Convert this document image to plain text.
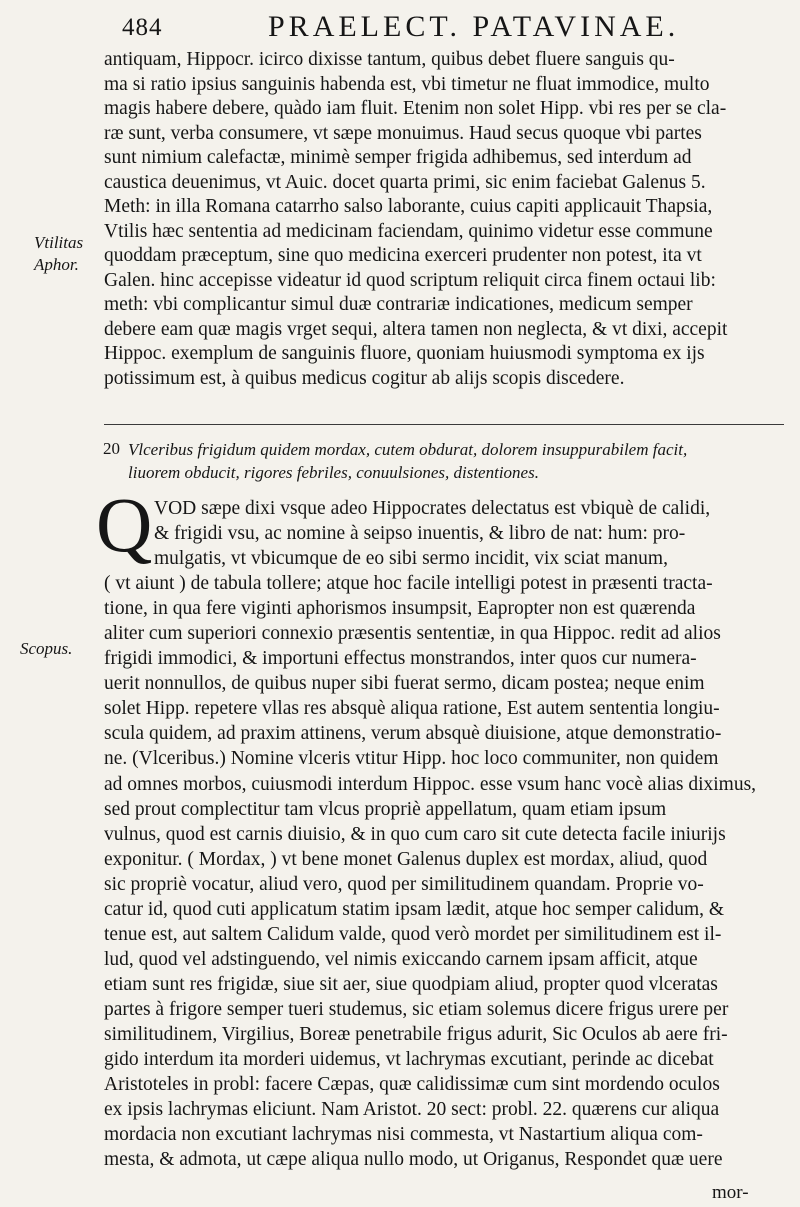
484	PRAELECT. PATAVINAE.
antiquam, Hippocr. icirco dixisse tantum, quibus debet fluere sanguis qu-
ma si ratio ipsius sanguinis habenda est, vbi timetur ne fluat immodice, multo
magis habere debere, quàdo iam fluit. Etenim non solet Hipp. vbi res per se cla-
ræ sunt, verba consumere, vt sæpe monuimus. Haud secus quoque vbi partes
sunt nimium calefactæ, minimè semper frigida adhibemus, sed interdum ad
caustica deuenimus, vt Auic. docet quarta primi, sic enim faciebat Galenus 5.
Meth: in illa Romana catarrho salso laborante, cuius capiti applicauit Thapsia,
Vtilis hæc sententia ad medicinam faciendam, quinimo videtur esse commune
quoddam præceptum, sine quo medicina exerceri prudenter non potest, ita vt
Galen. hinc accepisse videatur id quod scriptum reliquit circa finem octaui lib:
meth: vbi complicantur simul duæ contrariæ indicationes, medicum semper
debere eam quæ magis vrget sequi, altera tamen non neglecta, & vt dixi, accepit
Hippoc. exemplum de sanguinis fluore, quoniam huiusmodi symptoma ex ijs
potissimum est, à quibus medicus cogitur ab alijs scopis discedere.
Vtilitas
Aphor.
20 Vlceribus frigidum quidem mordax, cutem obdurat, dolorem insuppurabilem facit,
liuorem obducit, rigores febriles, conuulsiones, distentiones.
Q VOD sæpe dixi vsque adeo Hippocrates delectatus est vbiquè de calidi,
& frigidi vsu, ac nomine à seipso inuentis, & libro de nat: hum: pro-
mulgatis, vt vbicumque de eo sibi sermo incidit, vix sciat manum,
( vt aiunt ) de tabula tollere; atque hoc facile intelligi potest in præsenti tracta-
tione, in qua fere viginti aphorismos insumpsit, Eapropter non est quærenda
aliter cum superiori connexio præsentis sententiæ, in qua Hippoc. redit ad alios
frigidi immodici, & importuni effectus monstrandos, inter quos cur numera-
uerit nonnullos, de quibus nuper sibi fuerat sermo, dicam postea; neque enim
solet Hipp. repetere vllas res absquè aliqua ratione, Est autem sententia longiu-
scula quidem, ad praxim attinens, verum absquè diuisione, atque demonstratio-
ne. (Vlceribus.) Nomine vlceris vtitur Hipp. hoc loco communiter, non quidem
ad omnes morbos, cuiusmodi interdum Hippoc. esse vsum hanc vocè alias diximus,
sed prout complectitur tam vlcus propriè appellatum, quam etiam ipsum
vulnus, quod est carnis diuisio, & in quo cum caro sit cute detecta facile iniurijs
exponitur. ( Mordax, ) vt bene monet Galenus duplex est mordax, aliud, quod
sic propriè vocatur, aliud vero, quod per similitudinem quandam. Proprie vo-
catur id, quod cuti applicatum statim ipsam lædit, atque hoc semper calidum, &
tenue est, aut saltem Calidum valde, quod verò mordet per similitudinem est il-
lud, quod vel adstinguendo, vel nimis exiccando carnem ipsam afficit, atque
etiam sunt res frigidæ, siue sit aer, siue quodpiam aliud, propter quod vlceratas
partes à frigore semper tueri studemus, sic etiam solemus dicere frigus urere per
similitudinem, Virgilius, Boreæ penetrabile frigus adurit, Sic Oculos ab aere fri-
gido interdum ita morderi uidemus, vt lachrymas excutiant, perinde ac dicebat
Aristoteles in probl: facere Cæpas, quæ calidissimæ cum sint mordendo oculos
ex ipsis lachrymas eliciunt. Nam Aristot. 20 sect: probl. 22. quærens cur aliqua
mordacia non excutiant lachrymas nisi commesta, vt Nastartium aliqua com-
mesta, & admota, ut cæpe aliqua nullo modo, ut Origanus, Respondet quæ uere
Scopus.
mor-
